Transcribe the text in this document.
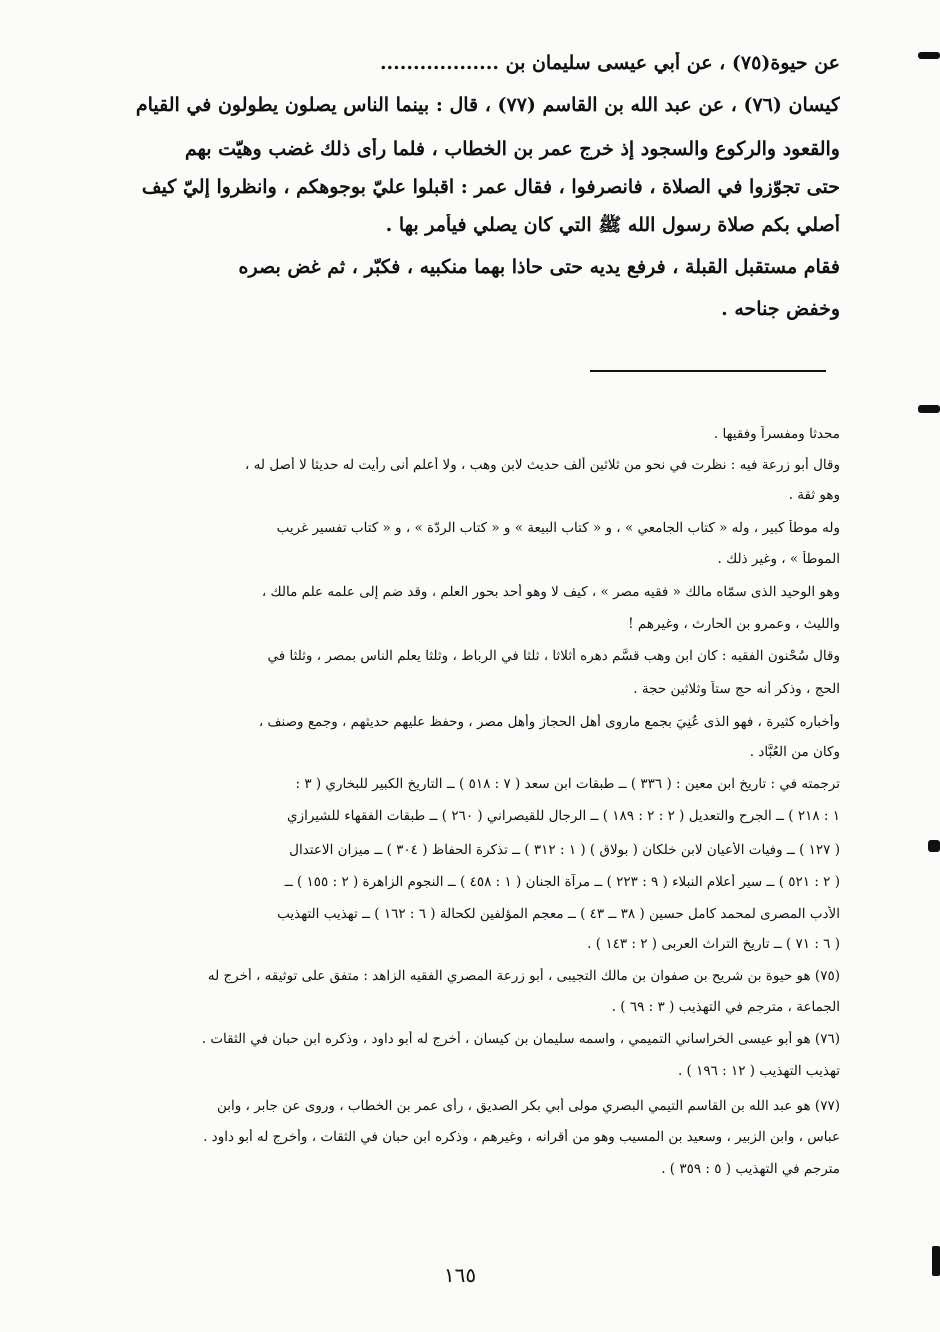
عن حيوة(٧٥) ، عن أبي عيسى سليمان بن ..................
كيسان (٧٦) ، عن عبد الله بن القاسم (٧٧) ، قال : بينما الناس يصلون يطولون في القيام
والقعود والركوع والسجود إذ خرج عمر بن الخطاب ، فلما رأى ذلك غضب وهيّت بهم
حتى تجوّزوا في الصلاة ، فانصرفوا ، فقال عمر : اقبلوا عليّ بوجوهكم ، وانظروا إليّ كيف
أصلي بكم صلاة رسول الله ﷺ التي كان يصلي فيأمر بها .
فقام مستقبل القبلة ، فرفع يديه حتى حاذا بهما منكبيه ، فكبّر ، ثم غض بصره
وخفض جناحه .
محدثا ومفسراً وفقيها .
وقال أبو زرعة فيه : نظرت في نحو من ثلاثين ألف حديث لابن وهب ، ولا أعلم أنى رأيت له حديثا لا أصل له ،
وهو ثقة .
وله موطأ كبير ، وله « كتاب الجامعي » ، و « كتاب البيعة » و « كتاب الرِدّة » ، و « كتاب تفسير غريب
الموطأ » ، وغير ذلك .
وهو الوحيد الذى سمّاه مالك « فقيه مصر » ، كيف لا وهو أحد بحور العلم ، وقد ضم إلى علمه علم مالك ،
والليث ، وعمرو بن الحارث ، وغيرهم !
وقال سُحْنون الفقيه : كان ابن وهب قسَّم دهره أثلاثا ، ثلثا في الرباط ، وثلثا يعلم الناس بمصر ، وثلثا في
الحج ، وذكر أنه حج ستاً وثلاثين حجة .
وأخباره كثيرة ، فهو الذى عُنِيَ بجمع ماروى أهل الحجاز وأهل مصر ، وحفظ عليهم حديثهم ، وجمع وصنف ،
وكان من العُبَّاد .
ترجمته في : تاريخ ابن معين : ( ٣٣٦ ) ــ طبقات ابن سعد ( ٧ : ٥١٨ ) ــ التاريخ الكبير للبخاري ( ٣ :
١ : ٢١٨ ) ــ الجرح والتعديل ( ٢ : ٢ : ١٨٩ ) ــ الرجال للقيصراني ( ٢٦٠ ) ــ طبقات الفقهاء للشيرازي
( ١٢٧ ) ــ وفيات الأعيان لابن خلكان ( بولاق ) ( ١ : ٣١٢ ) ــ تذكرة الحفاظ ( ٣٠٤ ) ــ ميزان الاعتدال
( ٢ : ٥٢١ ) ــ سير أعلام النبلاء ( ٩ : ٢٢٣ ) ــ مرآة الجنان ( ١ : ٤٥٨ ) ــ النجوم الزاهرة ( ٢ : ١٥٥ ) ــ
الأدب المصرى لمحمد كامل حسين ( ٣٨ ــ ٤٣ ) ــ معجم المؤلفين لكحالة ( ٦ : ١٦٢ ) ــ تهذيب التهذيب
( ٦ : ٧١ ) ــ تاريخ التراث العربى ( ٢ : ١٤٣ ) .
(٧٥) هو حيوة بن شريح بن صفوان بن مالك التجيبى ، أبو زرعة المصري الفقيه الزاهد : متفق على توثيقه ، أخرج له
الجماعة ، مترجم في التهذيب ( ٣ : ٦٩ ) .
(٧٦) هو أبو عيسى الخراساني التميمي ، واسمه سليمان بن كيسان ، أخرج له أبو داود ، وذكره ابن حبان في الثقات .
تهذيب التهذيب ( ١٢ : ١٩٦ ) .
(٧٧) هو عبد الله بن القاسم التيمي البصري مولى أبي بكر الصديق ، رأى عمر بن الخطاب ، وروى عن جابر ، وابن
عباس ، وابن الزبير ، وسعيد بن المسيب وهو من أقرانه ، وغيرهم ، وذكره ابن حبان في الثقات ، وأخرج له أبو داود .
مترجم في التهذيب ( ٥ : ٣٥٩ ) .
١٦٥
